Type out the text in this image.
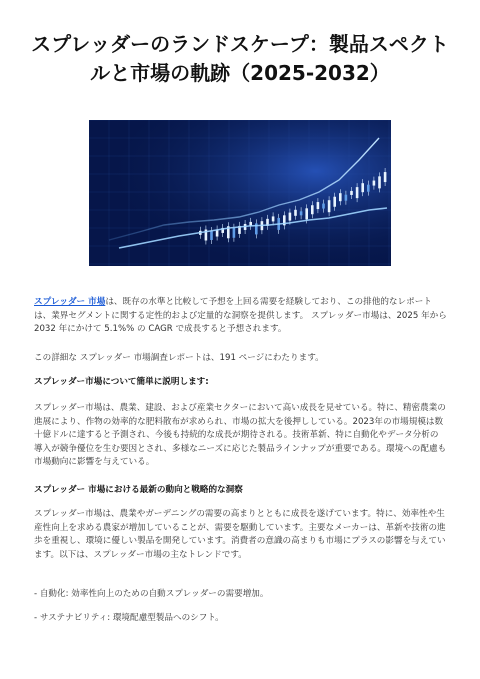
スプレッダーのランドスケープ：製品スペクトルと市場の軌跡（2025-2032）

スプレッダー 市場は、既存の水準と比較して予想を上回る需要を経験しており、この排他的なレポートは、業界セグメントに関する定性的および定量的な洞察を提供します。 スプレッダー市場は、2025 年から 2032 年にかけて 5.1%% の CAGR で成長すると予想されます。

この詳細な スプレッダー 市場調査レポートは、191 ページにわたります。

スプレッダー市場について簡単に説明します:

スプレッダー市場は、農業、建設、および産業セクターにおいて高い成長を見せている。特に、精密農業の進展により、作物の効率的な肥料散布が求められ、市場の拡大を後押ししている。2023年の市場規模は数十億ドルに達すると予測され、今後も持続的な成長が期待される。技術革新、特に自動化やデータ分析の導入が競争優位を生む要因とされ、多様なニーズに応じた製品ラインナップが重要である。環境への配慮も市場動向に影響を与えている。

スプレッダー 市場における最新の動向と戦略的な洞察

スプレッダー市場は、農業やガーデニングの需要の高まりとともに成長を遂げています。特に、効率性や生産性向上を求める農家が増加していることが、需要を駆動しています。主要なメーカーは、革新や技術の進歩を重視し、環境に優しい製品を開発しています。消費者の意識の高まりも市場にプラスの影響を与えています。以下は、スプレッダー市場の主なトレンドです。

- 自動化: 効率性向上のための自動スプレッダーの需要増加。

- サステナビリティ: 環境配慮型製品へのシフト。
